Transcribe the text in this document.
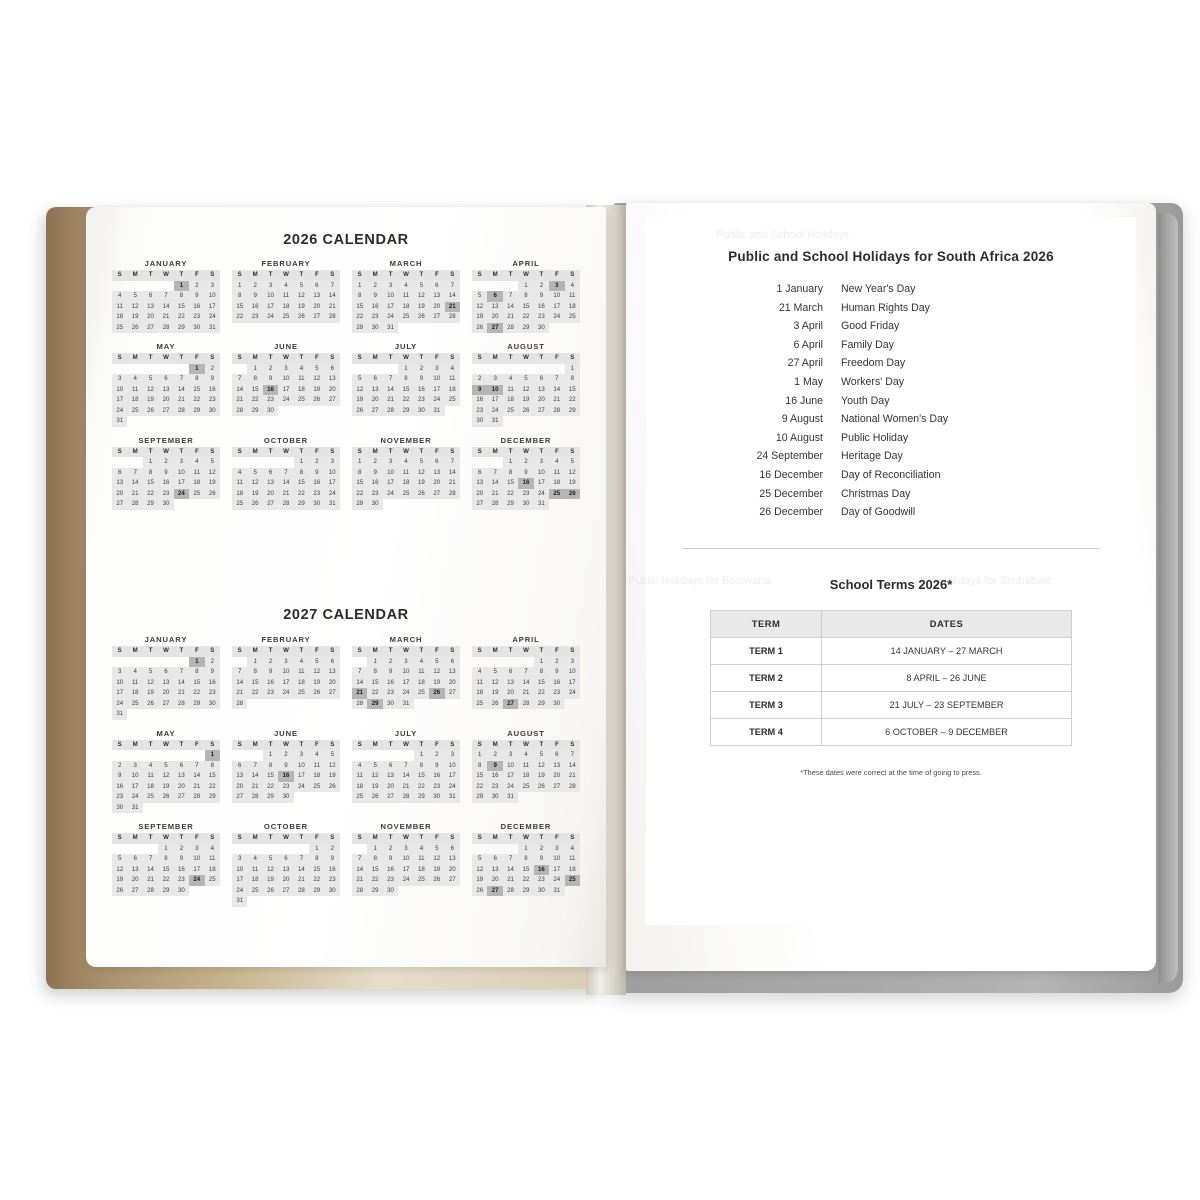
2026 CALENDAR
JANUARY
S	M	T	W	T	F	S
				1	2	3
4	5	6	7	8	9	10
11	12	13	14	15	16	17
18	19	20	21	22	23	24
25	26	27	28	29	30	31
FEBRUARY
S	M	T	W	T	F	S
1	2	3	4	5	6	7
8	9	10	11	12	13	14
15	16	17	18	19	20	21
22	23	24	25	26	27	28
MARCH
S	M	T	W	T	F	S
1	2	3	4	5	6	7
8	9	10	11	12	13	14
15	16	17	18	19	20	21
22	23	24	25	26	27	28
29	30	31				
APRIL
S	M	T	W	T	F	S
			1	2	3	4
5	6	7	8	9	10	11
12	13	14	15	16	17	18
19	20	21	22	23	24	25
26	27	28	29	30		
MAY
S	M	T	W	T	F	S
					1	2
3	4	5	6	7	8	9
10	11	12	13	14	15	16
17	18	19	20	21	22	23
24	25	26	27	28	29	30
31						
JUNE
S	M	T	W	T	F	S
	1	2	3	4	5	6
7	8	9	10	11	12	13
14	15	16	17	18	19	20
21	22	23	24	25	26	27
28	29	30				
JULY
S	M	T	W	T	F	S
			1	2	3	4
5	6	7	8	9	10	11
12	13	14	15	16	17	18
19	20	21	22	23	24	25
26	27	28	29	30	31	
AUGUST
S	M	T	W	T	F	S
						1
2	3	4	5	6	7	8
9	10	11	12	13	14	15
16	17	18	19	20	21	22
23	24	25	26	27	28	29
30	31					
SEPTEMBER
S	M	T	W	T	F	S
		1	2	3	4	5
6	7	8	9	10	11	12
13	14	15	16	17	18	19
20	21	22	23	24	25	26
27	28	29	30			
OCTOBER
S	M	T	W	T	F	S
				1	2	3
4	5	6	7	8	9	10
11	12	13	14	15	16	17
18	19	20	21	22	23	24
25	26	27	28	29	30	31
NOVEMBER
S	M	T	W	T	F	S
1	2	3	4	5	6	7
8	9	10	11	12	13	14
15	16	17	18	19	20	21
22	23	24	25	26	27	28
29	30					
DECEMBER
S	M	T	W	T	F	S
		1	2	3	4	5
6	7	8	9	10	11	12
13	14	15	16	17	18	19
20	21	22	23	24	25	26
27	28	29	30	31		
2027 CALENDAR
JANUARY
S	M	T	W	T	F	S
					1	2
3	4	5	6	7	8	9
10	11	12	13	14	15	16
17	18	19	20	21	22	23
24	25	26	27	28	29	30
31						
FEBRUARY
S	M	T	W	T	F	S
	1	2	3	4	5	6
7	8	9	10	11	12	13
14	15	16	17	18	19	20
21	22	23	24	25	26	27
28						
MARCH
S	M	T	W	T	F	S
	1	2	3	4	5	6
7	8	9	10	11	12	13
14	15	16	17	18	19	20
21	22	23	24	25	26	27
28	29	30	31			
APRIL
S	M	T	W	T	F	S
				1	2	3
4	5	6	7	8	9	10
11	12	13	14	15	16	17
18	19	20	21	22	23	24
25	26	27	28	29	30	
MAY
S	M	T	W	T	F	S
						1
2	3	4	5	6	7	8
9	10	11	12	13	14	15
16	17	18	19	20	21	22
23	24	25	26	27	28	29
30	31					
JUNE
S	M	T	W	T	F	S
		1	2	3	4	5
6	7	8	9	10	11	12
13	14	15	16	17	18	19
20	21	22	23	24	25	26
27	28	29	30			
JULY
S	M	T	W	T	F	S
				1	2	3
4	5	6	7	8	9	10
11	12	13	14	15	16	17
18	19	20	21	22	23	24
25	26	27	28	29	30	31
AUGUST
S	M	T	W	T	F	S
1	2	3	4	5	6	7
8	9	10	11	12	13	14
15	16	17	18	19	20	21
22	23	24	25	26	27	28
29	30	31				
SEPTEMBER
S	M	T	W	T	F	S
			1	2	3	4
5	6	7	8	9	10	11
12	13	14	15	16	17	18
19	20	21	22	23	24	25
26	27	28	29	30		
OCTOBER
S	M	T	W	T	F	S
					1	2
3	4	5	6	7	8	9
10	11	12	13	14	15	16
17	18	19	20	21	22	23
24	25	26	27	28	29	30
31						
NOVEMBER
S	M	T	W	T	F	S
	1	2	3	4	5	6
7	8	9	10	11	12	13
14	15	16	17	18	19	20
21	22	23	24	25	26	27
28	29	30				
DECEMBER
S	M	T	W	T	F	S
			1	2	3	4
5	6	7	8	9	10	11
12	13	14	15	16	17	18
19	20	21	22	23	24	25
26	27	28	29	30	31	
Public and School Holidays
Public Holidays for Botswana	Public Holidays for Zimbabwe
Public and School Holidays for South Africa 2026
1 January	New Year's Day
21 March	Human Rights Day
3 April	Good Friday
6 April	Family Day
27 April	Freedom Day
1 May	Workers' Day
16 June	Youth Day
9 August	National Women's Day
10 August	Public Holiday
24 September	Heritage Day
16 December	Day of Reconciliation
25 December	Christmas Day
26 December	Day of Goodwill
School Terms 2026*
TERM	DATES
TERM 1	14 JANUARY – 27 MARCH
TERM 2	8 APRIL – 26 JUNE
TERM 3	21 JULY – 23 SEPTEMBER
TERM 4	6 OCTOBER – 9 DECEMBER
*These dates were correct at the time of going to press.
